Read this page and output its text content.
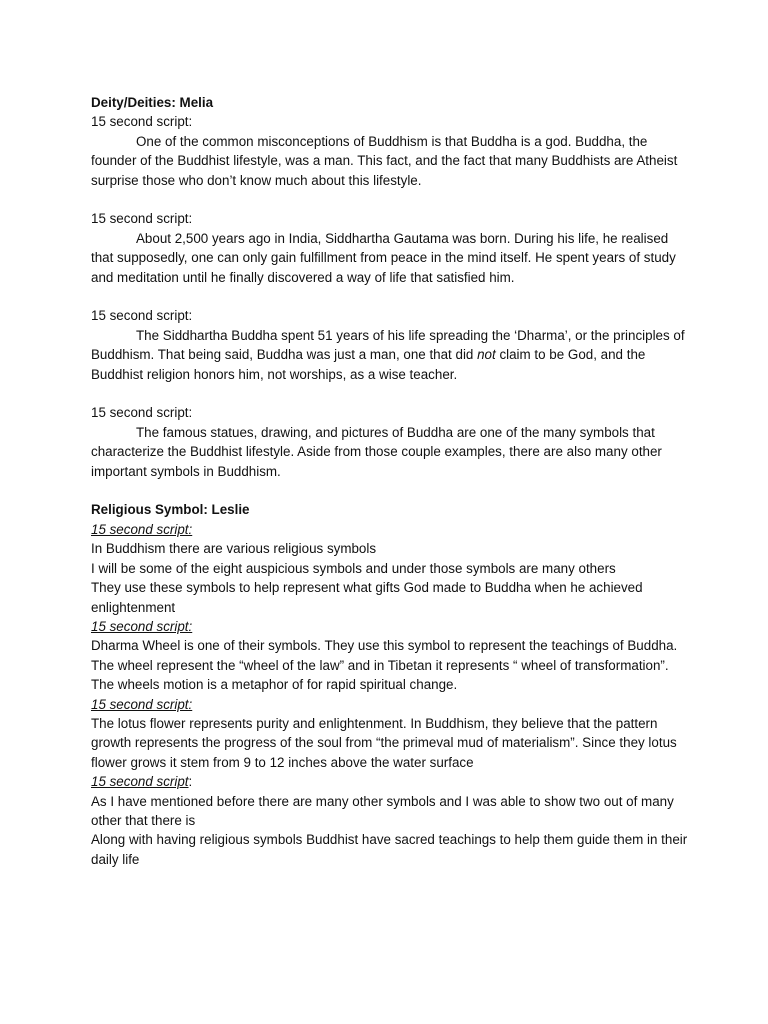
Deity/Deities: Melia

15 second script:

One of the common misconceptions of Buddhism is that Buddha is a god. Buddha, the founder of the Buddhist lifestyle, was a man. This fact, and the fact that many Buddhists are Atheist surprise those who don’t know much about this lifestyle.

15 second script:

About 2,500 years ago in India, Siddhartha Gautama was born. During his life, he realised that supposedly, one can only gain fulfillment from peace in the mind itself. He spent years of study and meditation until he finally discovered a way of life that satisfied him.

15 second script:

The Siddhartha Buddha spent 51 years of his life spreading the ‘Dharma’, or the principles of Buddhism. That being said, Buddha was just a man, one that did not claim to be God, and the Buddhist religion honors him, not worships, as a wise teacher.

15 second script:

The famous statues, drawing, and pictures of Buddha are one of the many symbols that characterize the Buddhist lifestyle. Aside from those couple examples, there are also many other important symbols in Buddhism.

Religious Symbol: Leslie

15 second script:

In Buddhism there are various religious symbols

I will be some of the eight auspicious symbols and under those symbols are many others

They use these symbols to help represent what gifts God made to Buddha when he achieved enlightenment

15 second script:

Dharma Wheel is one of their symbols. They use this symbol to represent the teachings of Buddha. The wheel represent the “wheel of the law” and in Tibetan it represents “ wheel of transformation”. The wheels motion is a metaphor of for rapid spiritual change.

15 second script:

The lotus flower represents purity and enlightenment. In Buddhism, they believe that the pattern growth represents the progress of the soul from “the primeval mud of materialism”. Since they lotus flower grows it stem from 9 to 12 inches above the water surface

15 second script:

As I have mentioned before there are many other symbols and I was able to show two out of many other that there is

Along with having religious symbols Buddhist have sacred teachings to help them guide them in their daily life
